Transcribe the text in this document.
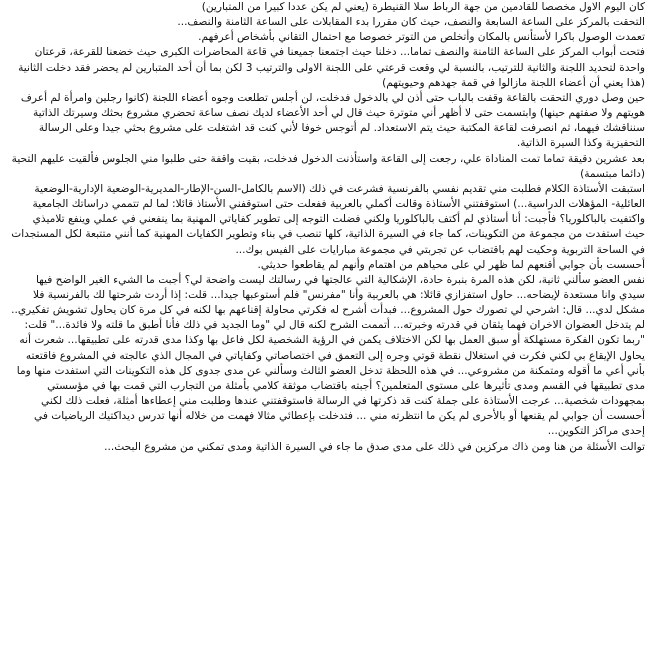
كان اليوم الاول مخصصا للقادمين من جهة الرباط سلا القنيطرة (يعني لم يكن عددا كبيرا من المتبارين)

التحقت بالمركز على الساعة السابعة والنصف، حيث كان مقررا بدء المقابلات على الساعة الثامنة والنصف...

تعمدت الوصول باكرا لأستأنس بالمكان وأتخلص من التوتر خصوصا مع احتمال التقاني بأشخاص أعرفهم.

فتحت أبواب المركز على الساعة الثامنة والنصف تماما... دخلنا حيث اجتمعنا جميعنا في قاعة المحاضرات الكبرى حيث خضعنا للقرعة، قرعتان واحدة لتحديد اللجنة والثانية للترتيب، بالنسبة لي وقعت قرعتي على اللجنة الاولى والترتيب 3 لكن بما أن أحد المتبارين لم يحضر فقد دخلت الثانية (هذا يعني أن أعضاء اللجنة مازالوا في قمة جهدهم وحيويتهم)

حين وصل دوري التحقت بالقاعة وقفت بالباب حتى أذن لي بالدخول فدخلت، لن أجلس تطلعت وجوه أعضاء اللجنة (كانوا رجلين وامرأة لم أعرف هويتهم ولا صفتهم حينها) وابتسمت حتى لا أظهر أني متوترة حيث قال لي أحد الأعضاء لديك نصف ساعة تحضري مشروع بحثك وسيرتك الذاتية سنناقشك فيهما، ثم انصرفت لقاعة المكتبة حيث يتم الاستعداد. لم أتوجس خوفا لأني كنت قد اشتغلت على مشروع بحثي جيدا وعلى الرسالة التحفيزية وكذا السيرة الذاتية.

بعد عشرين دقيقة تماما تمت المناداة علي، رجعت إلى القاعة واستأذنت الدخول فدخلت، بقيت واقفة حتى طلبوا مني الجلوس فألقيت عليهم التحية (دائما مبتسمة)

استبقت الأستاذة الكلام فطلبت مني تقديم نفسي بالفرنسية فشرعت في ذلك (الاسم بالكامل-السن-الإطار-المديرية-الوضعية الإدارية-الوضعية العائلية- المؤهلات الدراسية...) استوقفتني الأستاذة وقالت أكملي بالعربية ففعلت حتى استوقفني الأستاذ قائلا: لما لم تتممي دراساتك الجامعية واكتفيت بالباكلوريا؟ فأجبت: أنا أستاذي لم أكتف بالباكلوريا ولكني فضلت التوجه إلى تطوير كفاياتي المهنية بما ينفعني في عملي وينفع تلاميذي حيث استفدت من مجموعة من التكوينات، كما جاء في السيرة الذاتية، كلها تنصب في بناء وتطوير الكفايات المهنية كما أنني متتبعة لكل المستجدات في الساحة التربوية وحكيت لهم باقتضاب عن تجربتي في مجموعة مبارايات على الفيس بوك...

أحسست بأن جوابي أقنعهم لما ظهر لي على محياهم من اهتمام وأنهم لم يقاطعوا حديثي.

نفس العضو سألني ثانية، لكن هذه المرة بنبرة حادة، الإشكالية التي عالجتها في رسالتك ليست واضحة لي؟ أجبت ما الشيء الغير الواضح فيها سيدي وانا مستعدة لإيضاحه... حاول استفزازي قائلا: هي بالعربية وأنا "مفرنس" فلم أستوعبها جيدا... قلت: إذا أردت شرحتها لك بالفرنسية فلا مشكل لدي... قال: اشرحي لي تصورك حول المشروع... فبدأت أشرح له فكرتي محاولة إقناعهم بها لكنه في كل مرة كان يحاول تشويش تفكيري.. لم يتدخل العضوان الاخران فهما يثقان في قدرته وخبرته... أتممت الشرح لكنه قال لي "وما الجديد في ذلك فأنا أطبق ما قلته ولا فائدة..." قلت: "ربما تكون الفكرة مستهلكة أو سبق العمل بها لكن الاختلاف يكمن في الرؤية الشخصية لكل فاعل بها وكذا مدى قدرته على تطبيقها... شعرت أنه يحاول الإيقاع بي لكني فكرت في استغلال نقطة قوتي وجره إلى التعمق في اختصاصاتي وكفاياتي في المجال الذي عالجته في المشروع فاقتعته بأني أعي ما أقوله ومتمكنة من مشروعي... في هذه اللحظة تدخل العضو الثالث وسألني عن مدى جدوى كل هذه التكوينات التي استفدت منها وما مدى تطبيقها في القسم ومدى تأثيرها على مستوى المتعلمين؟ أجبته باقتضاب موثقة كلامي بأمثلة من التجارب التي قمت بها في مؤسستي بمجهودات شخصية... عرجت الأستاذة على جملة كنت قد ذكرتها في الرسالة فاستوقفتني عندها وطلبت مني إعطاءها أمثلة، فعلت ذلك لكني أحسست أن جوابي لم يقنعها أو بالأحرى لم يكن ما انتظرته مني ... فتدخلت بإعطائي مثالا فهمت من خلاله أنها تدرس ديداكتيك الرياضيات في إحدى مراكز التكوين...

توالت الأسئلة من هنا ومن ذاك مركزين في ذلك على مدى صدق ما جاء في السيرة الذاتية ومدى تمكني من مشروع البحث...
